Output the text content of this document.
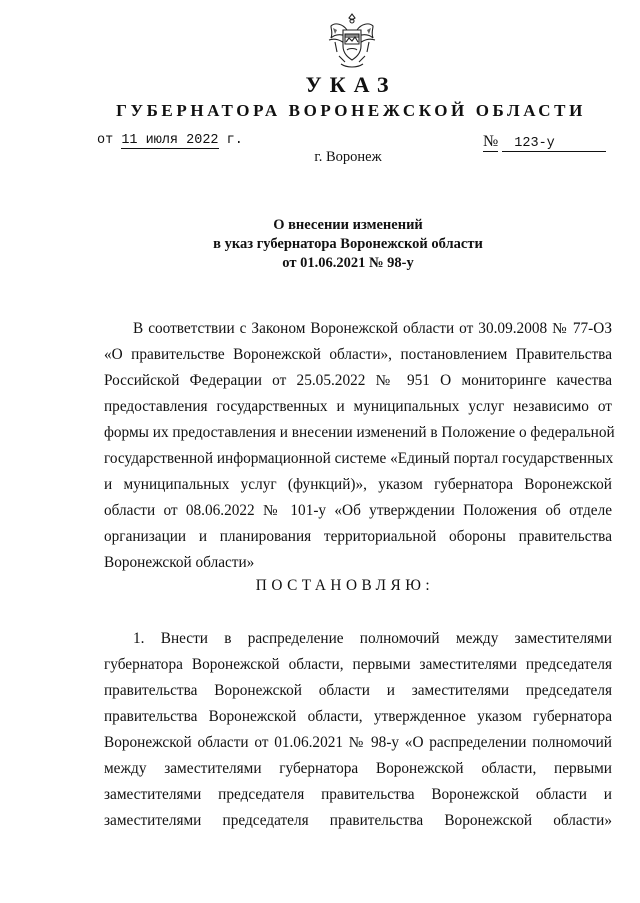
УКАЗ
ГУБЕРНАТОРА ВОРОНЕЖСКОЙ ОБЛАСТИ
от 11 июля 2022 г.	№ 123-у
г. Воронеж
О внесении изменений
в указ губернатора Воронежской области
от 01.06.2021 № 98-у
В соответствии с Законом Воронежской области от 30.09.2008 № 77-ОЗ
«О правительстве Воронежской области», постановлением Правительства
Российской Федерации от 25.05.2022 № 951 О мониторинге качества
предоставления государственных и муниципальных услуг независимо от
формы их предоставления и внесении изменений в Положение о федеральной
государственной информационной системе «Единый портал государственных
и муниципальных услуг (функций)», указом губернатора Воронежской
области от 08.06.2022 № 101-у «Об утверждении Положения об отделе
организации и планирования территориальной обороны правительства
Воронежской области»
ПОСТАНОВЛЯЮ:
1. Внести в распределение полномочий между заместителями
губернатора Воронежской области, первыми заместителями председателя
правительства Воронежской области и заместителями председателя
правительства Воронежской области, утвержденное указом губернатора
Воронежской области от 01.06.2021 № 98-у «О распределении полномочий
между заместителями губернатора Воронежской области, первыми
заместителями председателя правительства Воронежской области и
заместителями председателя правительства Воронежской области»
